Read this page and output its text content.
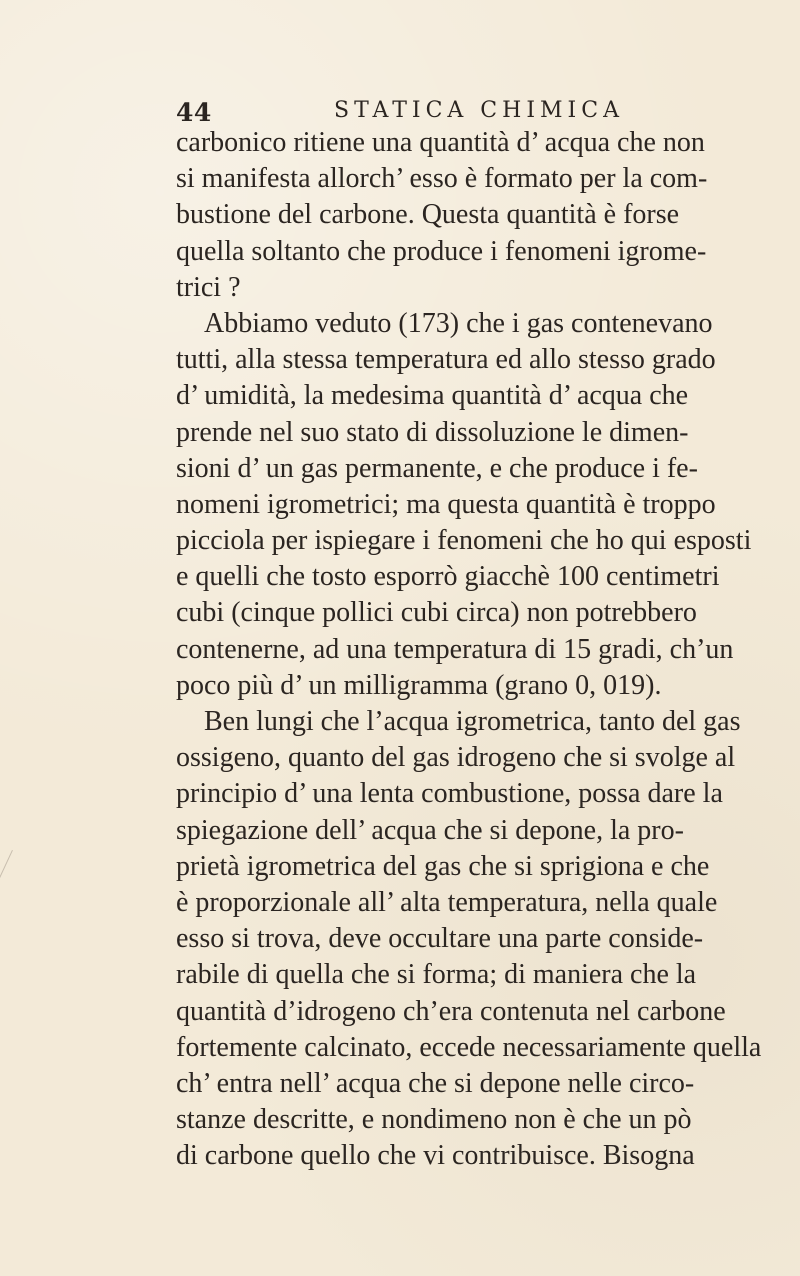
44	STATICA CHIMICA
carbonico ritiene una quantità d’ acqua che non
si manifesta allorch’ esso è formato per la com-
bustione del carbone. Questa quantità è forse
quella soltanto che produce i fenomeni igrome-
trici ?
Abbiamo veduto (173) che i gas contenevano
tutti, alla stessa temperatura ed allo stesso grado
d’ umidità, la medesima quantità d’ acqua che
prende nel suo stato di dissoluzione le dimen-
sioni d’ un gas permanente, e che produce i fe-
nomeni igrometrici; ma questa quantità è troppo
picciola per ispiegare i fenomeni che ho qui esposti
e quelli che tosto esporrò giacchè 100 centimetri
cubi (cinque pollici cubi circa) non potrebbero
contenerne, ad una temperatura di 15 gradi, ch’un
poco più d’ un milligramma (grano 0, 019).
Ben lungi che l’acqua igrometrica, tanto del gas
ossigeno, quanto del gas idrogeno che si svolge al
principio d’ una lenta combustione, possa dare la
spiegazione dell’ acqua che si depone, la pro-
prietà igrometrica del gas che si sprigiona e che
è proporzionale all’ alta temperatura, nella quale
esso si trova, deve occultare una parte conside-
rabile di quella che si forma; di maniera che la
quantità d’idrogeno ch’era contenuta nel carbone
fortemente calcinato, eccede necessariamente quella
ch’ entra nell’ acqua che si depone nelle circo-
stanze descritte, e nondimeno non è che un pò
di carbone quello che vi contribuisce. Bisogna
